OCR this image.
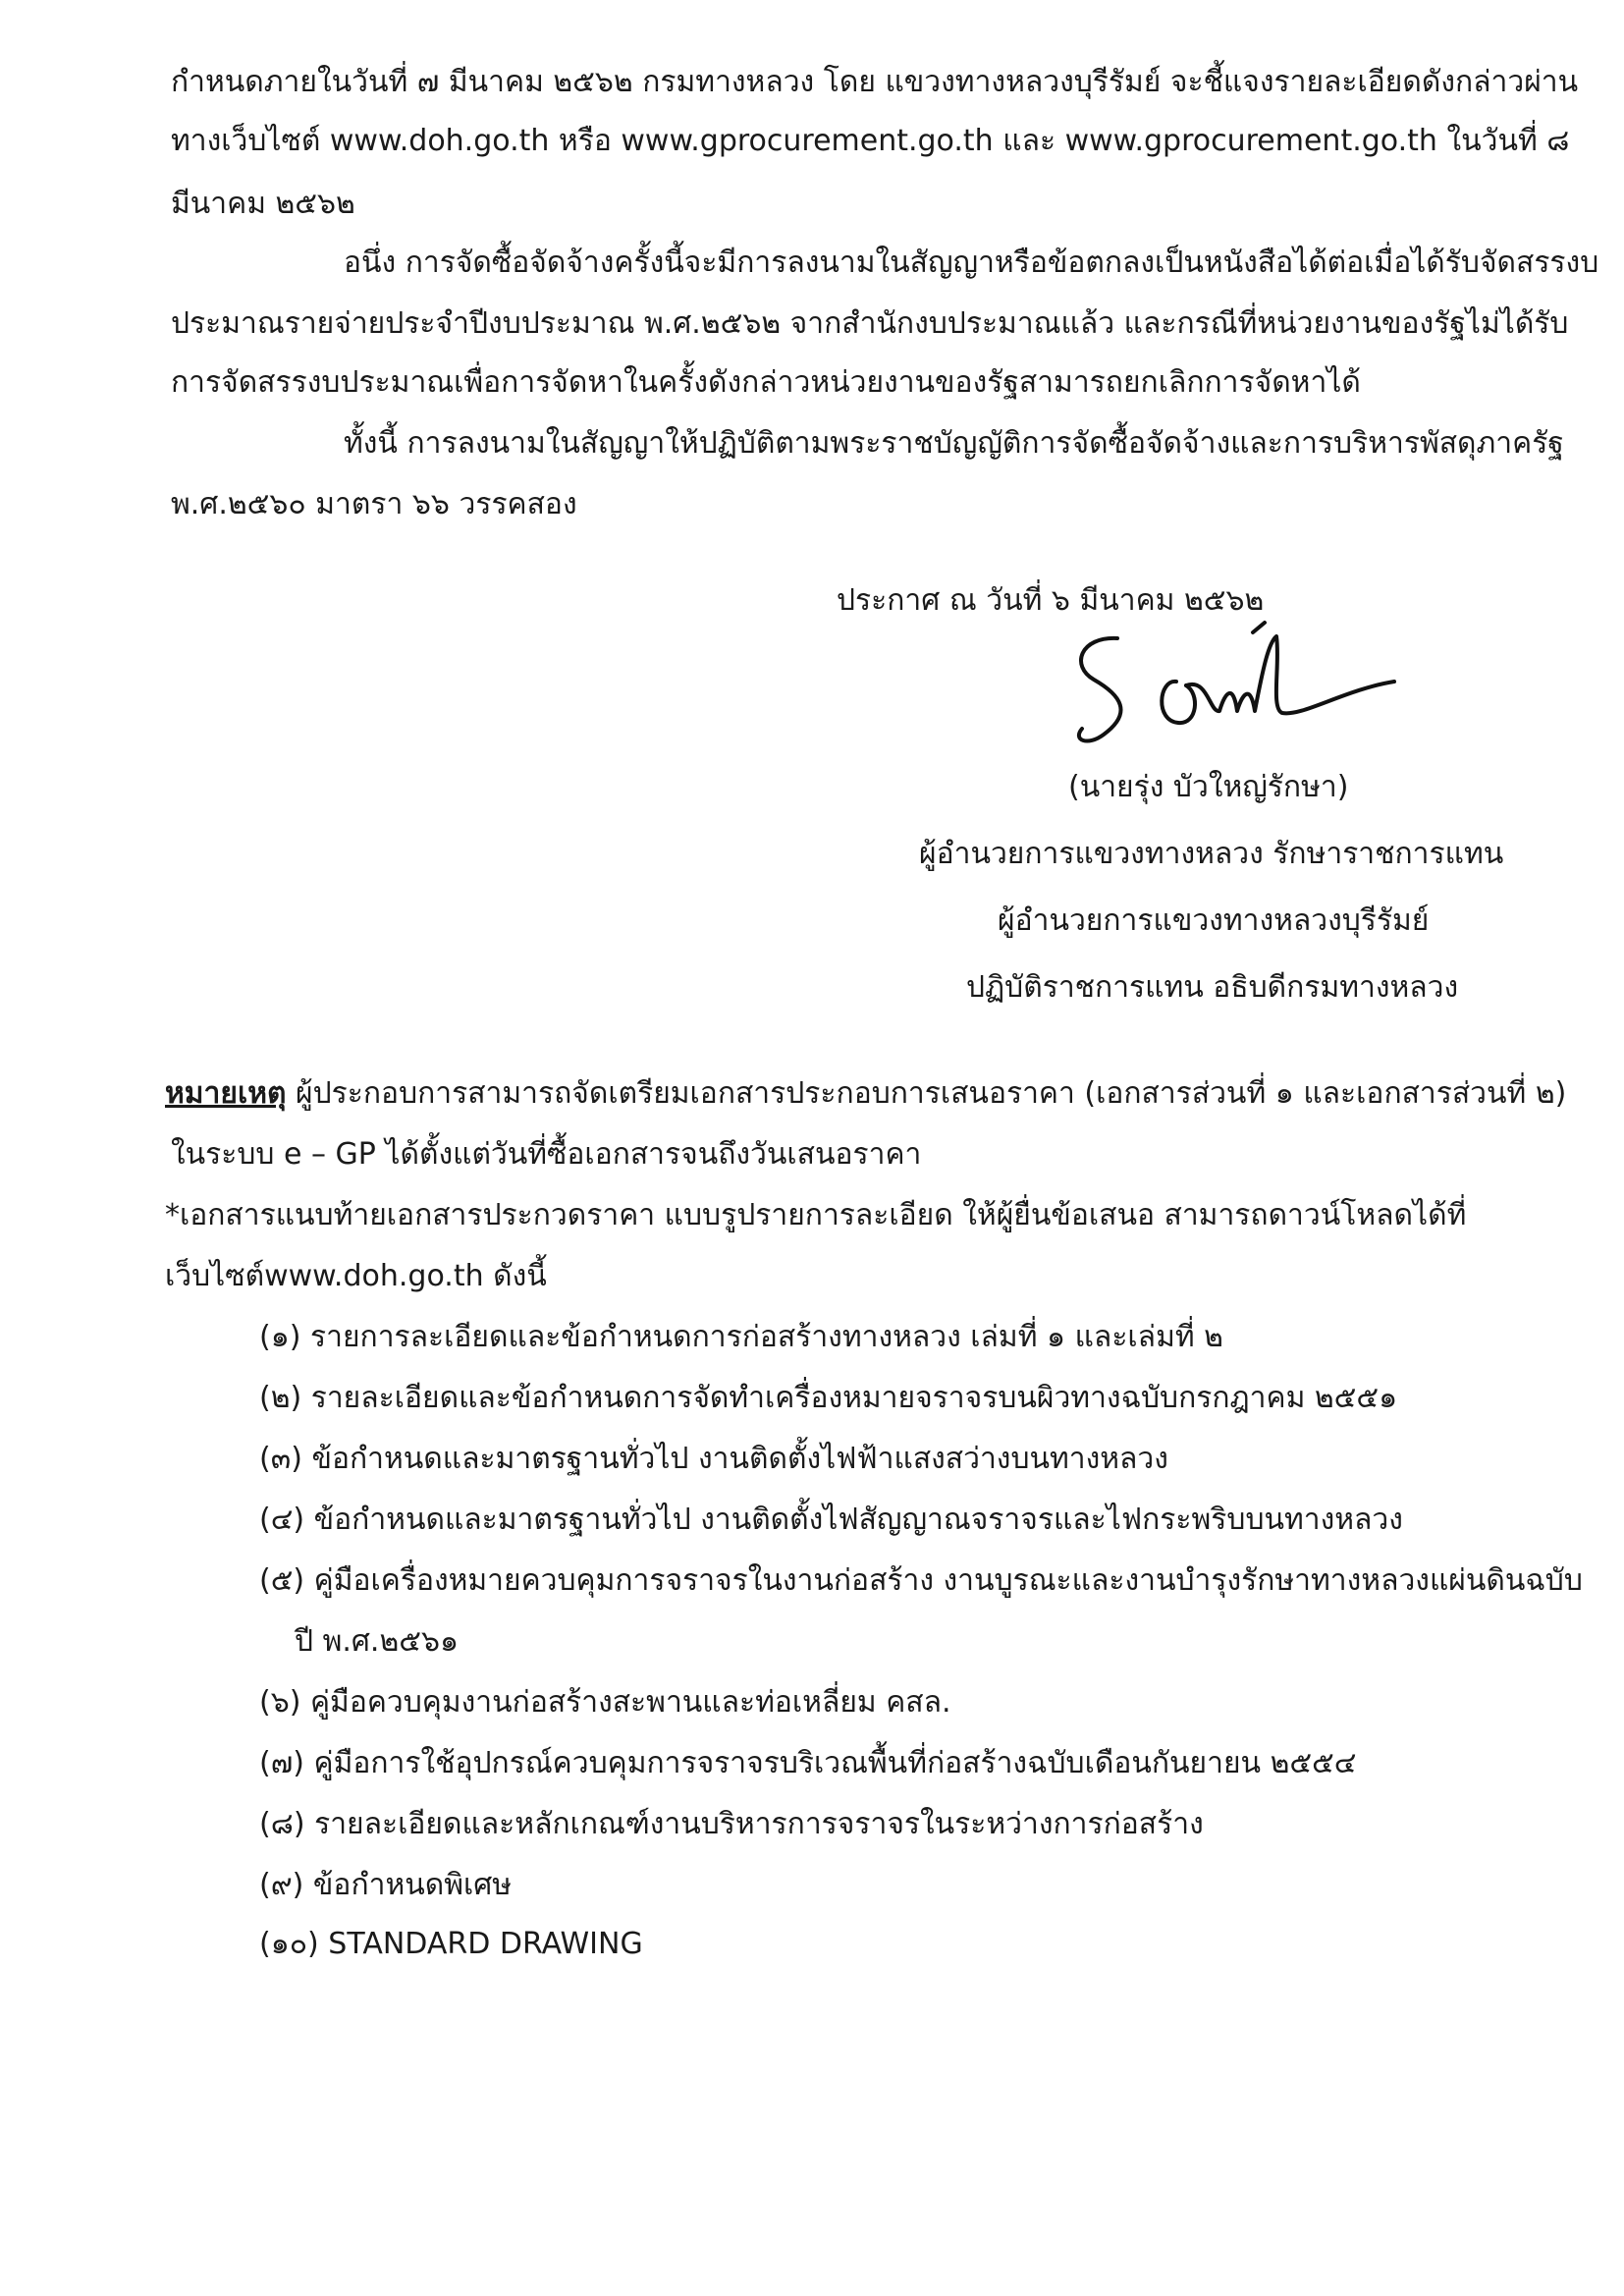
กำหนดภายในวันที่ ๗ มีนาคม ๒๕๖๒ กรมทางหลวง โดย แขวงทางหลวงบุรีรัมย์ จะชี้แจงรายละเอียดดังกล่าวผ่าน
ทางเว็บไซต์ www.doh.go.th หรือ www.gprocurement.go.th และ www.gprocurement.go.th ในวันที่ ๘
มีนาคม ๒๕๖๒
อนึ่ง การจัดซื้อจัดจ้างครั้งนี้จะมีการลงนามในสัญญาหรือข้อตกลงเป็นหนังสือได้ต่อเมื่อได้รับจัดสรรงบ
ประมาณรายจ่ายประจำปีงบประมาณ พ.ศ.๒๕๖๒ จากสำนักงบประมาณแล้ว และกรณีที่หน่วยงานของรัฐไม่ได้รับ
การจัดสรรงบประมาณเพื่อการจัดหาในครั้งดังกล่าวหน่วยงานของรัฐสามารถยกเลิกการจัดหาได้
ทั้งนี้ การลงนามในสัญญาให้ปฏิบัติตามพระราชบัญญัติการจัดซื้อจัดจ้างและการบริหารพัสดุภาครัฐ
พ.ศ.๒๕๖๐ มาตรา ๖๖ วรรคสอง
ประกาศ ณ วันที่ ๖ มีนาคม ๒๕๖๒
(นายรุ่ง บัวใหญ่รักษา)
ผู้อำนวยการแขวงทางหลวง รักษาราชการแทน
ผู้อำนวยการแขวงทางหลวงบุรีรัมย์
ปฏิบัติราชการแทน อธิบดีกรมทางหลวง
หมายเหตุ ผู้ประกอบการสามารถจัดเตรียมเอกสารประกอบการเสนอราคา (เอกสารส่วนที่ ๑ และเอกสารส่วนที่ ๒)
ในระบบ e – GP ได้ตั้งแต่วันที่ซื้อเอกสารจนถึงวันเสนอราคา
*เอกสารแนบท้ายเอกสารประกวดราคา แบบรูปรายการละเอียด ให้ผู้ยื่นข้อเสนอ สามารถดาวน์โหลดได้ที่
เว็บไซต์www.doh.go.th ดังนี้
(๑) รายการละเอียดและข้อกำหนดการก่อสร้างทางหลวง เล่มที่ ๑ และเล่มที่ ๒
(๒) รายละเอียดและข้อกำหนดการจัดทำเครื่องหมายจราจรบนผิวทางฉบับกรกฎาคม ๒๕๕๑
(๓) ข้อกำหนดและมาตรฐานทั่วไป งานติดตั้งไฟฟ้าแสงสว่างบนทางหลวง
(๔) ข้อกำหนดและมาตรฐานทั่วไป งานติดตั้งไฟสัญญาณจราจรและไฟกระพริบบนทางหลวง
(๕) คู่มือเครื่องหมายควบคุมการจราจรในงานก่อสร้าง งานบูรณะและงานบำรุงรักษาทางหลวงแผ่นดินฉบับ
ปี พ.ศ.๒๕๖๑
(๖) คู่มือควบคุมงานก่อสร้างสะพานและท่อเหลี่ยม คสล.
(๗) คู่มือการใช้อุปกรณ์ควบคุมการจราจรบริเวณพื้นที่ก่อสร้างฉบับเดือนกันยายน ๒๕๕๔
(๘) รายละเอียดและหลักเกณฑ์งานบริหารการจราจรในระหว่างการก่อสร้าง
(๙) ข้อกำหนดพิเศษ
(๑๐) STANDARD DRAWING
